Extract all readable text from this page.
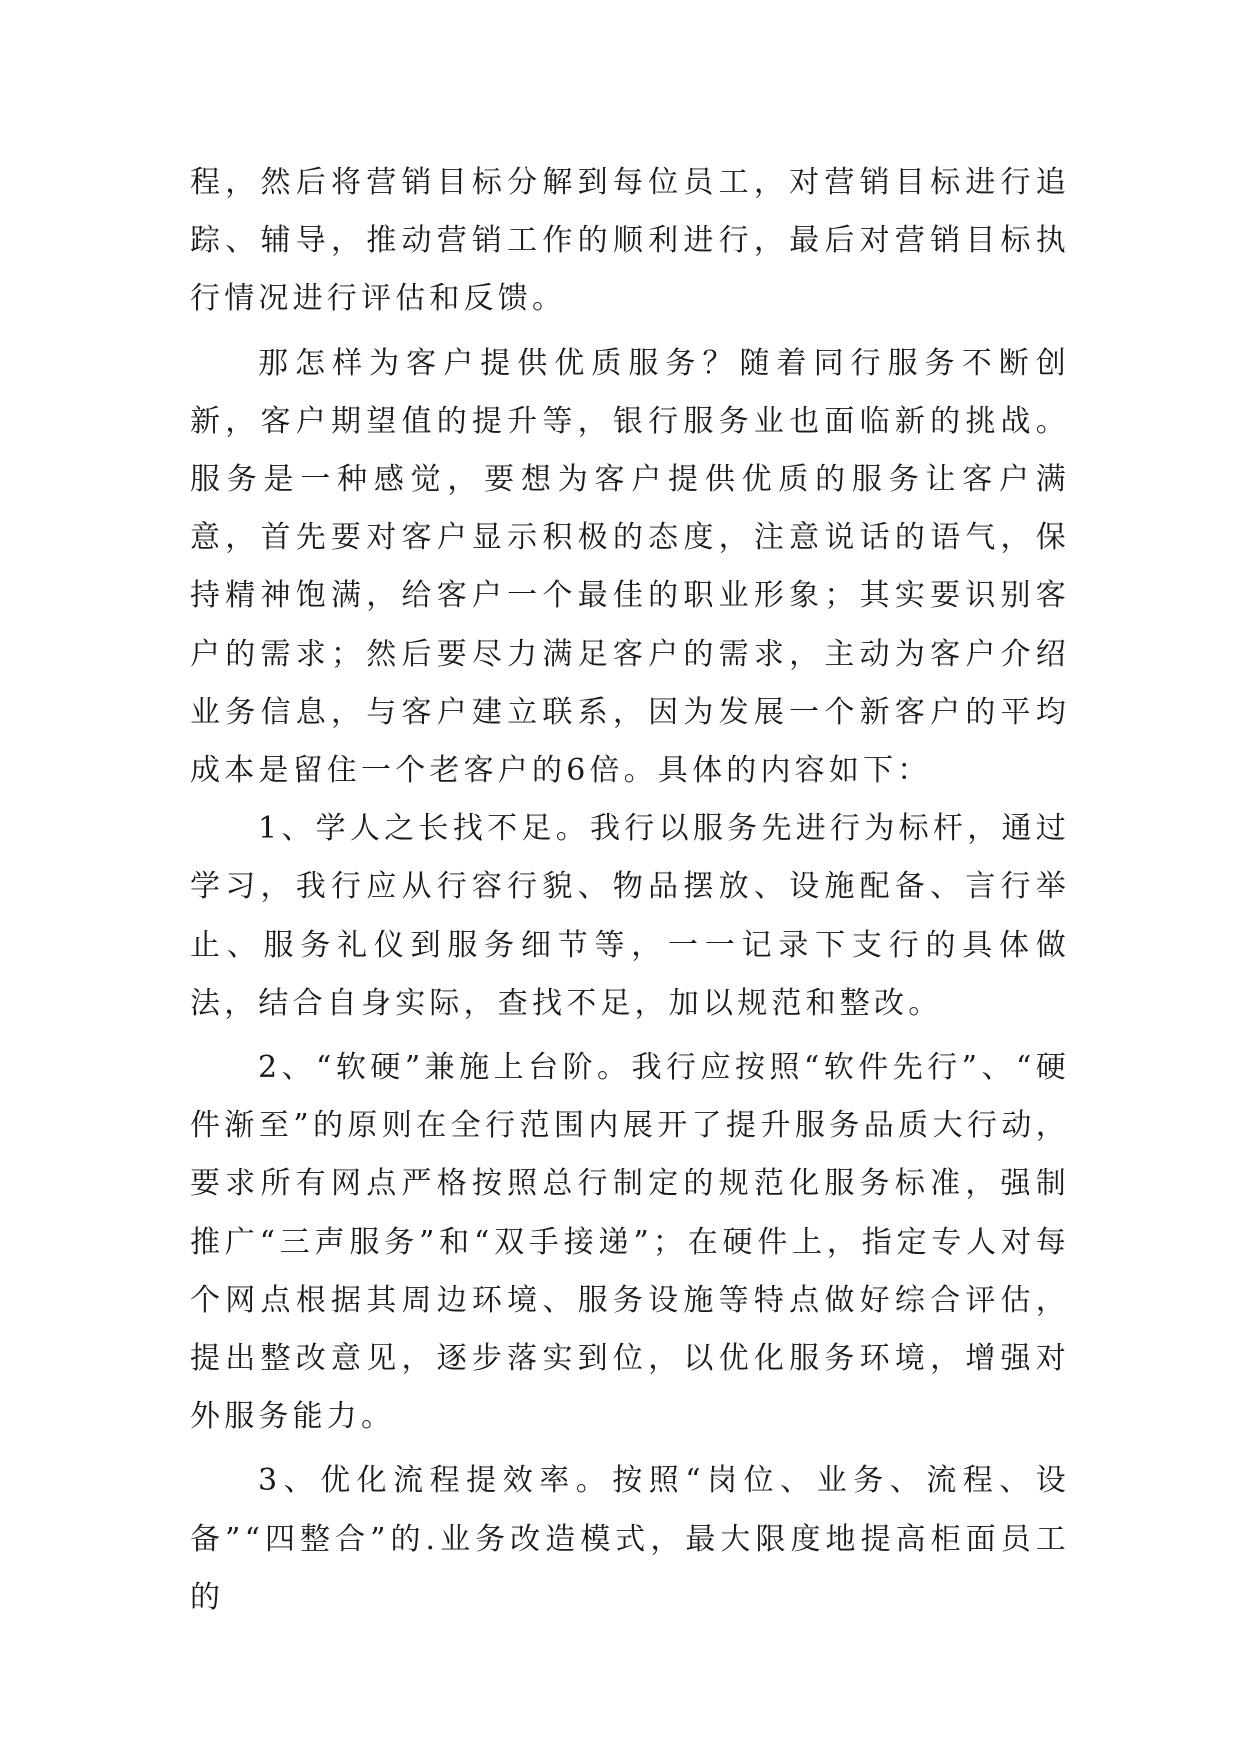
程，然后将营销目标分解到每位员工，对营销目标进行追踪、辅导，推动营销工作的顺利进行，最后对营销目标执行情况进行评估和反馈。

那怎样为客户提供优质服务？随着同行服务不断创新，客户期望值的提升等，银行服务业也面临新的挑战。服务是一种感觉，要想为客户提供优质的服务让客户满意，首先要对客户显示积极的态度，注意说话的语气，保持精神饱满，给客户一个最佳的职业形象；其实要识别客户的需求；然后要尽力满足客户的需求，主动为客户介绍业务信息，与客户建立联系，因为发展一个新客户的平均成本是留住一个老客户的6倍。具体的内容如下：

1、学人之长找不足。我行以服务先进行为标杆，通过学习，我行应从行容行貌、物品摆放、设施配备、言行举止、服务礼仪到服务细节等，一一记录下支行的具体做法，结合自身实际，查找不足，加以规范和整改。

2、“软硬”兼施上台阶。我行应按照“软件先行”、“硬件渐至”的原则在全行范围内展开了提升服务品质大行动，要求所有网点严格按照总行制定的规范化服务标准，强制推广“三声服务”和“双手接递”；在硬件上，指定专人对每个网点根据其周边环境、服务设施等特点做好综合评估，提出整改意见，逐步落实到位，以优化服务环境，增强对外服务能力。

3、优化流程提效率。按照“岗位、业务、流程、设备”“四整合”的.业务改造模式，最大限度地提高柜面员工的
